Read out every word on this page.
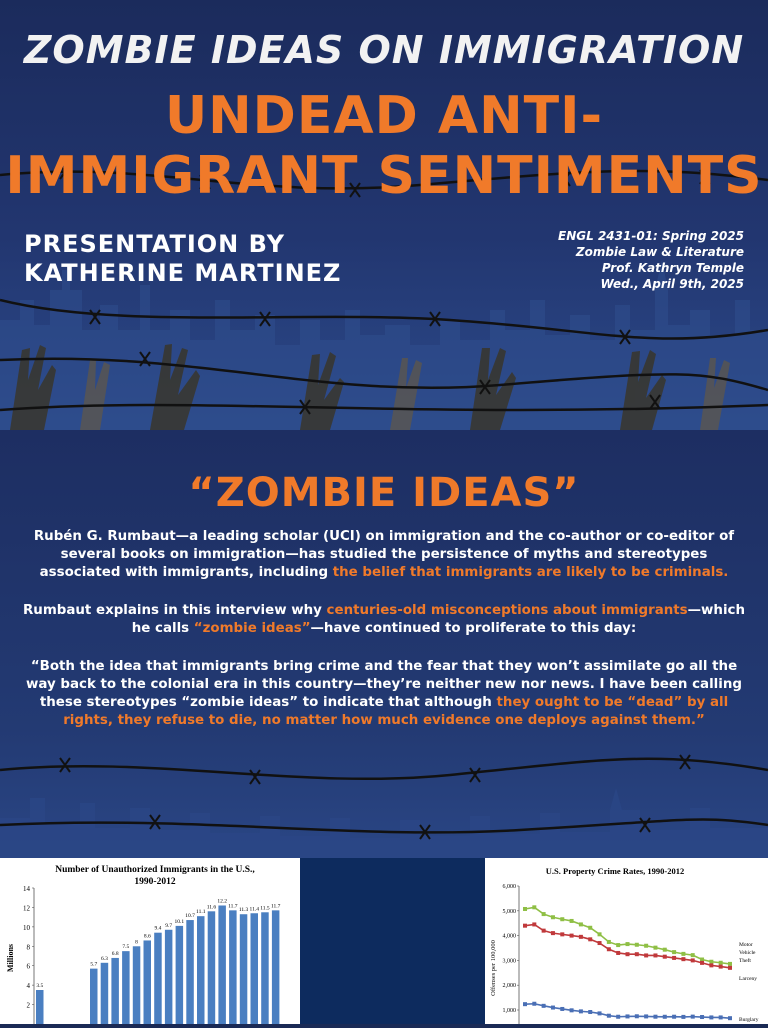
ZOMBIE IDEAS ON IMMIGRATION
UNDEAD ANTI-
IMMIGRANT SENTIMENTS
PRESENTATION BY
KATHERINE MARTINEZ
ENGL 2431-01: Spring 2025
Zombie Law & Literature
Prof. Kathryn Temple
Wed., April 9th, 2025
“ZOMBIE IDEAS”
Rubén G. Rumbaut—a leading scholar (UCI) on immigration and the co-author or co-editor of several books on immigration—has studied the persistence of myths and stereotypes associated with immigrants, including the belief that immigrants are likely to be criminals.
Rumbaut explains in this interview why centuries-old misconceptions about immigrants—which he calls “zombie ideas”—have continued to proliferate to this day:
“Both the idea that immigrants bring crime and the fear that they won’t assimilate go all the way back to the colonial era in this country—they’re neither new nor news. I have been calling these stereotypes “zombie ideas” to indicate that although they ought to be “dead” by all rights, they refuse to die, no matter how much evidence one deploys against them.”
Number of Unauthorized Immigrants in the U.S.,
1990-2012
Millions
2
4
6
8
10
12
14
3.5
5.7
6.3
6.8
7.5
8
8.6
9.4 9.7
10.1
10.7
11.1
11.6
12.2
11.7
11.3 11.4 11.5 11.7
U.S. Property Crime Rates, 1990-2012
Offenses per 100,000
1,000
2,000
3,000
4,000
5,000
6,000
Motor
Vehicle
Theft
Larceny
Burglary
